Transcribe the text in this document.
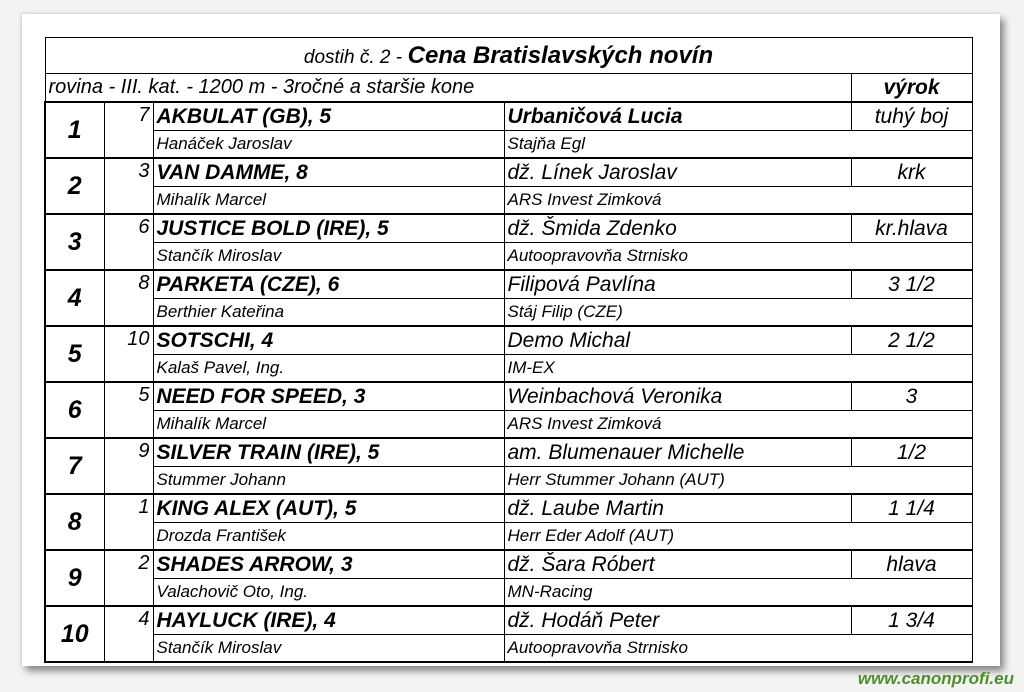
dostih č. 2 - Cena Bratislavských novín				
rovina - III. kat. - 1200 m - 3ročné a staršie kone				výrok
1	7	AKBULAT (GB), 5	Urbaničová Lucia	tuhý boj
		Hanáček Jaroslav	Stajňa Egl	
2	3	VAN DAMME, 8	dž. Línek Jaroslav	krk
		Mihalík Marcel	ARS Invest Zimková	
3	6	JUSTICE BOLD (IRE), 5	dž. Šmida Zdenko	kr.hlava
		Stančík Miroslav	Autoopravovňa Strnisko	
4	8	PARKETA (CZE), 6	Filipová Pavlína	3 1/2
		Berthier Kateřina	Stáj Filip (CZE)	
5	10	SOTSCHI, 4	Demo Michal	2 1/2
		Kalaš Pavel, Ing.	IM-EX	
6	5	NEED FOR SPEED, 3	Weinbachová Veronika	3
		Mihalík Marcel	ARS Invest Zimková	
7	9	SILVER TRAIN (IRE), 5	am. Blumenauer Michelle	1/2
		Stummer Johann	Herr Stummer Johann (AUT)	
8	1	KING ALEX (AUT), 5	dž. Laube Martin	1 1/4
		Drozda František	Herr Eder Adolf (AUT)	
9	2	SHADES ARROW, 3	dž. Šara Róbert	hlava
		Valachovič Oto, Ing.	MN-Racing	
10	4	HAYLUCK (IRE), 4	dž. Hodáň Peter	1 3/4
		Stančík Miroslav	Autoopravovňa Strnisko	
www.canonprofi.eu
